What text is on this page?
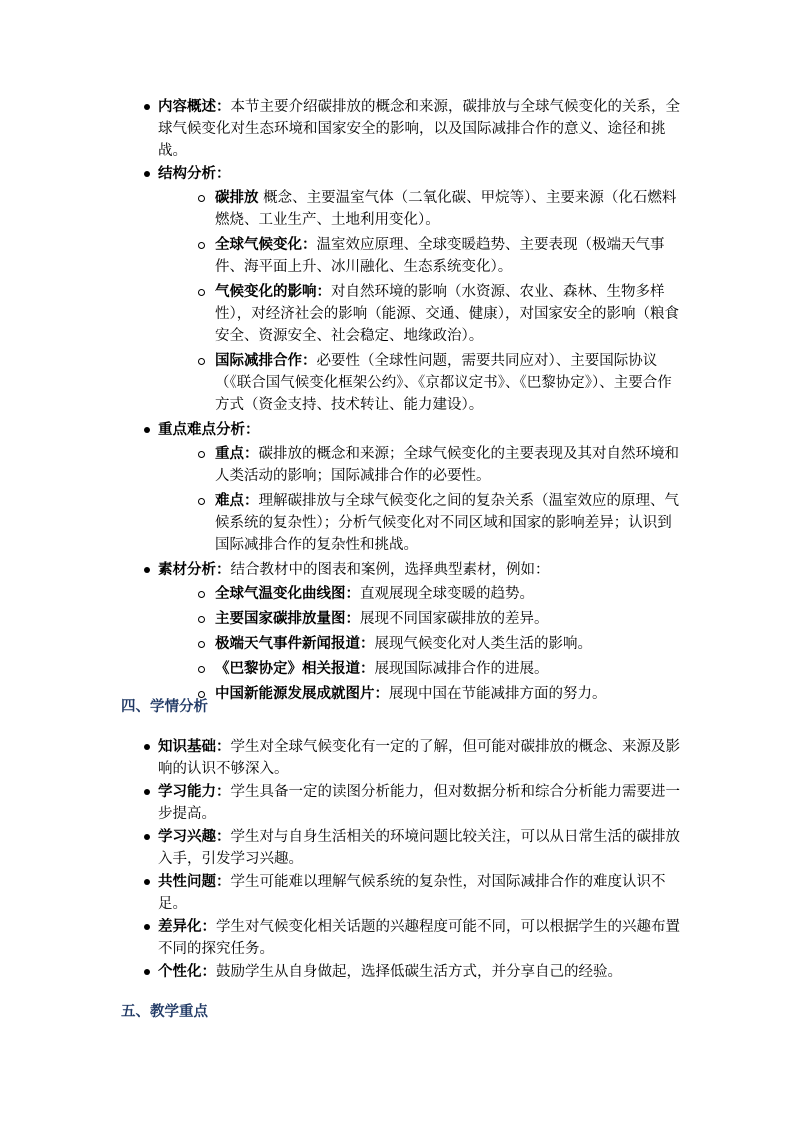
内容概述：本节主要介绍碳排放的概念和来源，碳排放与全球气候变化的关系，全球气候变化对生态环境和国家安全的影响，以及国际减排合作的意义、途径和挑战。
结构分析：
碳排放 概念、主要温室气体（二氧化碳、甲烷等）、主要来源（化石燃料燃烧、工业生产、土地利用变化）。
全球气候变化：温室效应原理、全球变暖趋势、主要表现（极端天气事件、海平面上升、冰川融化、生态系统变化）。
气候变化的影响：对自然环境的影响（水资源、农业、森林、生物多样性），对经济社会的影响（能源、交通、健康），对国家安全的影响（粮食安全、资源安全、社会稳定、地缘政治）。
国际减排合作：必要性（全球性问题，需要共同应对）、主要国际协议（《联合国气候变化框架公约》、《京都议定书》、《巴黎协定》）、主要合作方式（资金支持、技术转让、能力建设）。
重点难点分析：
重点：碳排放的概念和来源；全球气候变化的主要表现及其对自然环境和人类活动的影响；国际减排合作的必要性。
难点：理解碳排放与全球气候变化之间的复杂关系（温室效应的原理、气候系统的复杂性）；分析气候变化对不同区域和国家的影响差异；认识到国际减排合作的复杂性和挑战。
素材分析：结合教材中的图表和案例，选择典型素材，例如：
全球气温变化曲线图：直观展现全球变暖的趋势。
主要国家碳排放量图：展现不同国家碳排放的差异。
极端天气事件新闻报道：展现气候变化对人类生活的影响。
《巴黎协定》相关报道：展现国际减排合作的进展。
中国新能源发展成就图片：展现中国在节能减排方面的努力。
四、学情分析
知识基础：学生对全球气候变化有一定的了解，但可能对碳排放的概念、来源及影响的认识不够深入。
学习能力：学生具备一定的读图分析能力，但对数据分析和综合分析能力需要进一步提高。
学习兴趣：学生对与自身生活相关的环境问题比较关注，可以从日常生活的碳排放入手，引发学习兴趣。
共性问题：学生可能难以理解气候系统的复杂性，对国际减排合作的难度认识不足。
差异化：学生对气候变化相关话题的兴趣程度可能不同，可以根据学生的兴趣布置不同的探究任务。
个性化：鼓励学生从自身做起，选择低碳生活方式，并分享自己的经验。
五、教学重点
